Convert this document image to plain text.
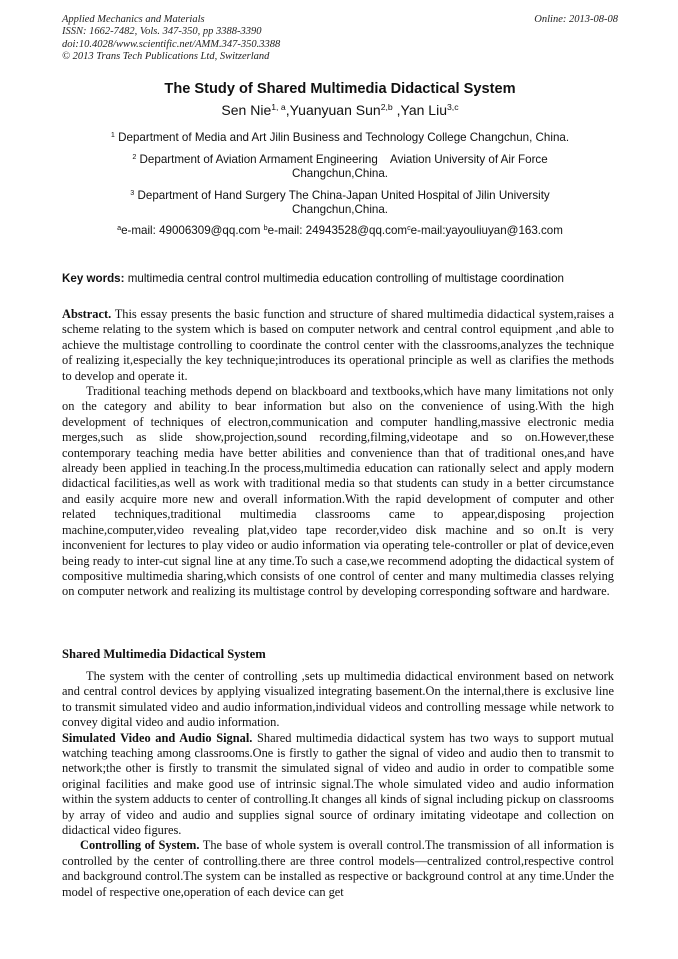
Applied Mechanics and Materials
ISSN: 1662-7482, Vols. 347-350, pp 3388-3390
doi:10.4028/www.scientific.net/AMM.347-350.3388
© 2013 Trans Tech Publications Ltd, Switzerland
Online: 2013-08-08
The Study of Shared Multimedia Didactical System
Sen Nie$^{1, a}$,Yuanyuan Sun$^{2,b}$ ,Yan Liu$^{3,c}$
$^1$ Department of Media and Art Jilin Business and Technology College Changchun, China.
$^2$ Department of Aviation Armament Engineering    Aviation University of Air Force
Changchun,China.
$^3$ Department of Hand Surgery The China-Japan United Hospital of Jilin University
Changchun,China.
$^a$e-mail: 49006309@qq.com $^b$e-mail: 24943528@qq.com$^c$e-mail:yayouliuyan@163.com
Key words: multimedia central control multimedia education controlling of multistage coordination

Abstract. This essay presents the basic function and structure of shared multimedia didactical system,raises a scheme relating to the system which is based on computer network and central control equipment ,and able to achieve the multistage controlling to coordinate the control center with the classrooms,analyzes the technique of realizing it,especially the key technique;introduces its operational principle as well as clarifies the methods to develop and operate it.

Traditional teaching methods depend on blackboard and textbooks,which have many limitations not only on the category and ability to bear information but also on the convenience of using.With the high development of techniques of electron,communication and computer handling,massive electronic media merges,such as slide show,projection,sound recording,filming,videotape and so on.However,these contemporary teaching media have better abilities and convenience than that of traditional ones,and have already been applied in teaching.In the process,multimedia education can rationally select and apply modern didactical facilities,as well as work with traditional media so that students can study in a better circumstance and easily acquire more new and overall information.With the rapid development of computer and other related techniques,traditional multimedia classrooms came to appear,disposing projection machine,computer,video revealing plat,video tape recorder,video disk machine and so on.It is very inconvenient for lectures to play video or audio information via operating tele-controller or plat of device,even being ready to inter-cut signal line at any time.To such a case,we recommend adopting the didactical system of compositive multimedia sharing,which consists of one control of center and many multimedia classes relying on computer network and realizing its multistage control by developing corresponding software and hardware.

Shared Multimedia Didactical System

The system with the center of controlling ,sets up multimedia didactical environment based on network and central control devices by applying visualized integrating basement.On the internal,there is exclusive line to transmit simulated video and audio information,individual videos and controlling message while network to convey digital video and audio information.

Simulated Video and Audio Signal. Shared multimedia didactical system has two ways to support mutual watching teaching among classrooms.One is firstly to gather the signal of video and audio then to transmit to network;the other is firstly to transmit the simulated signal of video and audio in order to compatible some original facilities and make good use of intrinsic signal.The whole simulated video and audio information within the system adducts to center of controlling.It changes all kinds of signal including pickup on classrooms by array of video and audio and supplies signal source of ordinary imitating videotape and collection on didactical video figures.

Controlling of System. The base of whole system is overall control.The transmission of all information is controlled by the center of controlling.there are three control models—centralized control,respective control and background control.The system can be installed as respective or background control at any time.Under the model of respective one,operation of each device can get
